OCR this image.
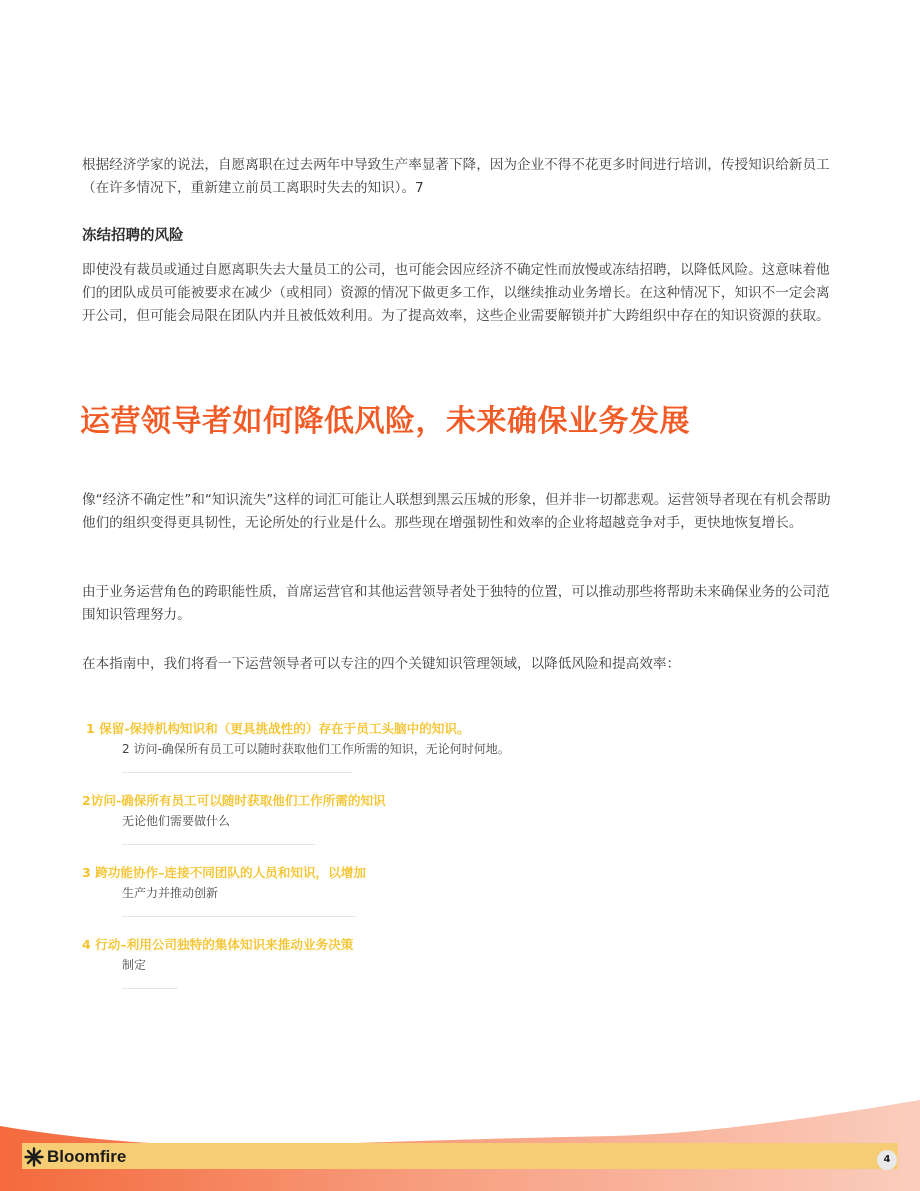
根据经济学家的说法，自愿离职在过去两年中导致生产率显著下降，因为企业不得不花更多时间进行培训，传授知识给新员工（在许多情况下，重新建立前员工离职时失去的知识）。7

冻结招聘的风险

即使没有裁员或通过自愿离职失去大量员工的公司，也可能会因应经济不确定性而放慢或冻结招聘，以降低风险。这意味着他们的团队成员可能被要求在减少（或相同）资源的情况下做更多工作，以继续推动业务增长。在这种情况下，知识不一定会离开公司，但可能会局限在团队内并且被低效利用。为了提高效率，这些企业需要解锁并扩大跨组织中存在的知识资源的获取。

运营领导者如何降低风险，未来确保业务发展

像“经济不确定性”和“知识流失”这样的词汇可能让人联想到黑云压城的形象，但并非一切都悲观。运营领导者现在有机会帮助他们的组织变得更具韧性，无论所处的行业是什么。那些现在增强韧性和效率的企业将超越竞争对手，更快地恢复增长。

由于业务运营角色的跨职能性质，首席运营官和其他运营领导者处于独特的位置，可以推动那些将帮助未来确保业务的公司范围知识管理努力。

在本指南中，我们将看一下运营领导者可以专注的四个关键知识管理领域，以降低风险和提高效率：

1 保留-保持机构知识和（更具挑战性的）存在于员工头脑中的知识。

2 访问-确保所有员工可以随时获取他们工作所需的知识，无论何时何地。

2访问-确保所有员工可以随时获取他们工作所需的知识

无论他们需要做什么

3 跨功能协作–连接不同团队的人员和知识，以增加

生产力并推动创新

4 行动–利用公司独特的集体知识来推动业务决策

制定

Bloomfire	4
